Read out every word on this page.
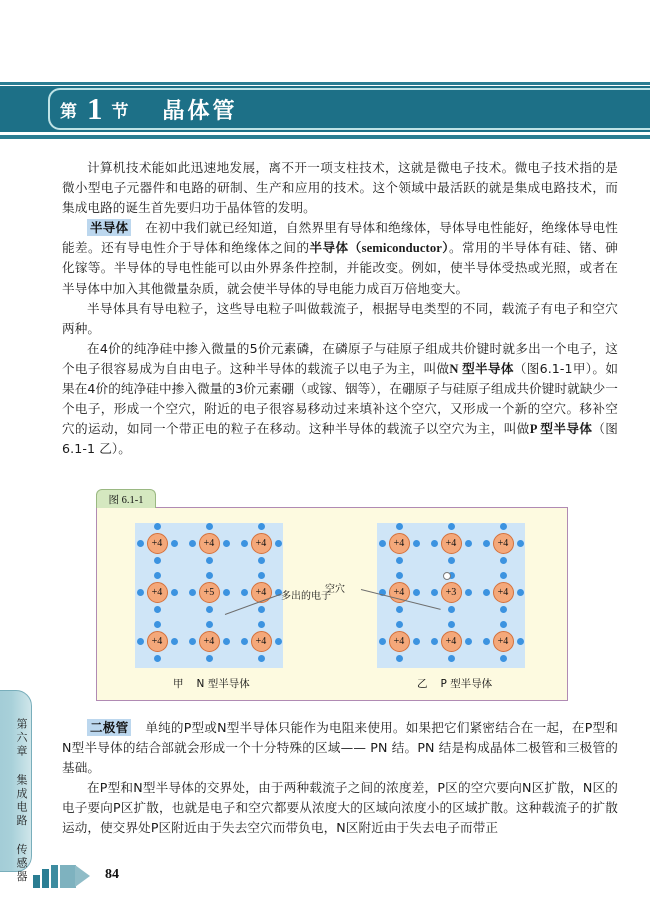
第 1 节 晶体管

计算机技术能如此迅速地发展，离不开一项支柱技术，这就是微电子技术。微电子技术指的是微小型电子元器件和电路的研制、生产和应用的技术。这个领域中最活跃的就是集成电路技术，而集成电路的诞生首先要归功于晶体管的发明。

半导体 在初中我们就已经知道，自然界里有导体和绝缘体，导体导电性能好，绝缘体导电性能差。还有导电性介于导体和绝缘体之间的半导体（semiconductor）。常用的半导体有硅、锗、砷化镓等。半导体的导电性能可以由外界条件控制，并能改变。例如，使半导体受热或光照，或者在半导体中加入其他微量杂质，就会使半导体的导电能力成百万倍地变大。

半导体具有导电粒子，这些导电粒子叫做载流子，根据导电类型的不同，载流子有电子和空穴两种。

在4价的纯净硅中掺入微量的5价元素磷，在磷原子与硅原子组成共价键时就多出一个电子，这个电子很容易成为自由电子。这种半导体的载流子以电子为主，叫做N 型半导体（图6.1-1甲）。如果在4价的纯净硅中掺入微量的3价元素硼（或镓、铟等），在硼原子与硅原子组成共价键时就缺少一个电子，形成一个空穴，附近的电子很容易移动过来填补这个空穴，又形成一个新的空穴。移补空穴的运动，如同一个带正电的粒子在移动。这种半导体的载流子以空穴为主，叫做P 型半导体（图 6.1-1 乙）。

图 6.1-1
+4	+4	+4
+4	+5	+4
+4	+4	+4
+4	+4	+4
+4	+3	+4
+4	+4	+4
多出的电子
空穴
甲 N 型半导体	乙 P 型半导体

二极管 单纯的P型或N型半导体只能作为电阻来使用。如果把它们紧密结合在一起，在P型和N型半导体的结合部就会形成一个十分特殊的区域—— PN 结。PN 结是构成晶体二极管和三极管的基础。

在P型和N型半导体的交界处，由于两种载流子之间的浓度差，P区的空穴要向N区扩散，N区的电子要向P区扩散，也就是电子和空穴都要从浓度大的区域向浓度小的区域扩散。这种载流子的扩散运动，使交界处P区附近由于失去空穴而带负电，N区附近由于失去电子而带正

第六章 集成电路 传感器	84
